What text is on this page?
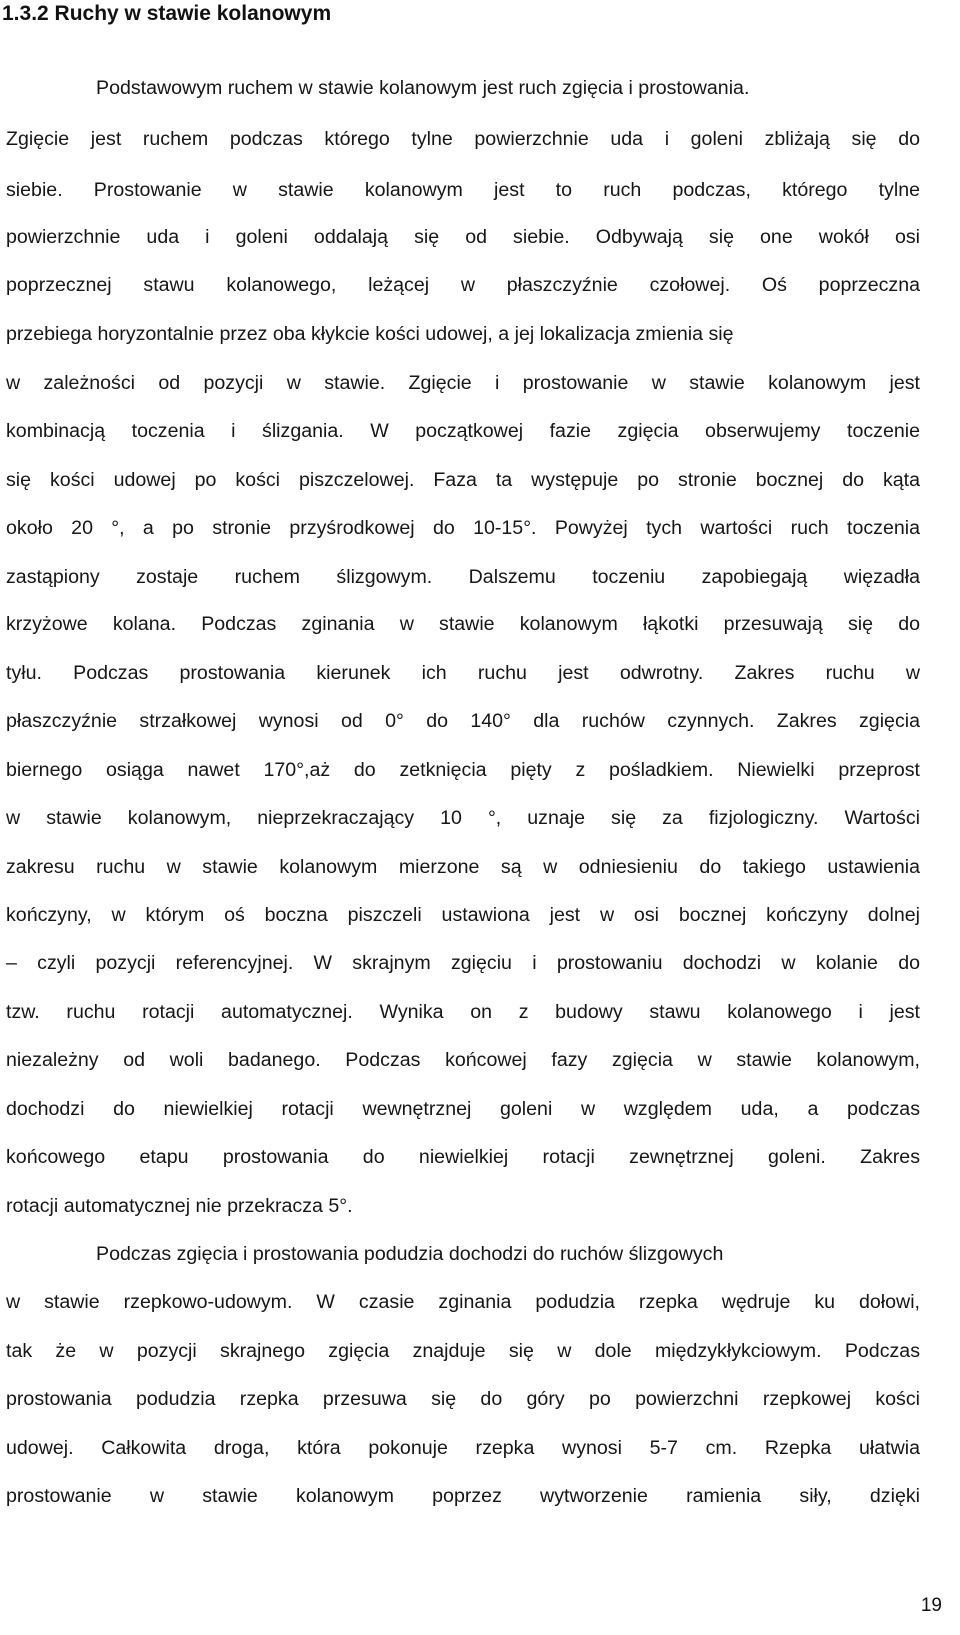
1.3.2 Ruchy w stawie kolanowym
Podstawowym ruchem w stawie kolanowym jest ruch zgięcia i prostowania.
Zgięcie jest ruchem podczas którego tylne powierzchnie uda i goleni zbliżają się do
siebie. Prostowanie w stawie kolanowym jest to ruch podczas, którego tylne
powierzchnie uda i goleni oddalają się od siebie. Odbywają się one wokół osi
poprzecznej stawu kolanowego, leżącej w płaszczyźnie czołowej. Oś poprzeczna
przebiega horyzontalnie przez oba kłykcie kości udowej, a jej lokalizacja zmienia się
w zależności od pozycji w stawie. Zgięcie i prostowanie w stawie kolanowym jest
kombinacją toczenia i ślizgania. W początkowej fazie zgięcia obserwujemy toczenie
się kości udowej po kości piszczelowej. Faza ta występuje po stronie bocznej do kąta
około 20 °, a po stronie przyśrodkowej do 10-15°. Powyżej tych wartości ruch toczenia
zastąpiony zostaje ruchem ślizgowym. Dalszemu toczeniu zapobiegają więzadła
krzyżowe kolana. Podczas zginania w stawie kolanowym łąkotki przesuwają się do
tyłu. Podczas prostowania kierunek ich ruchu jest odwrotny. Zakres ruchu w
płaszczyźnie strzałkowej wynosi od 0° do 140° dla ruchów czynnych. Zakres zgięcia
biernego osiąga nawet 170°,aż do zetknięcia pięty z pośladkiem. Niewielki przeprost
w stawie kolanowym, nieprzekraczający 10 °, uznaje się za fizjologiczny. Wartości
zakresu ruchu w stawie kolanowym mierzone są w odniesieniu do takiego ustawienia
kończyny, w którym oś boczna piszczeli ustawiona jest w osi bocznej kończyny dolnej
– czyli pozycji referencyjnej. W skrajnym zgięciu i prostowaniu dochodzi w kolanie do
tzw. ruchu rotacji automatycznej. Wynika on z budowy stawu kolanowego i jest
niezależny od woli badanego. Podczas końcowej fazy zgięcia w stawie kolanowym,
dochodzi do niewielkiej rotacji wewnętrznej goleni w względem uda, a podczas
końcowego etapu prostowania do niewielkiej rotacji zewnętrznej goleni. Zakres
rotacji automatycznej nie przekracza 5°.
Podczas zgięcia i prostowania podudzia dochodzi do ruchów ślizgowych
w stawie rzepkowo-udowym. W czasie zginania podudzia rzepka wędruje ku dołowi,
tak że w pozycji skrajnego zgięcia znajduje się w dole międzykłykciowym. Podczas
prostowania podudzia rzepka przesuwa się do góry po powierzchni rzepkowej kości
udowej. Całkowita droga, która pokonuje rzepka wynosi 5-7 cm. Rzepka ułatwia
prostowanie w stawie kolanowym poprzez wytworzenie ramienia siły, dzięki
19
